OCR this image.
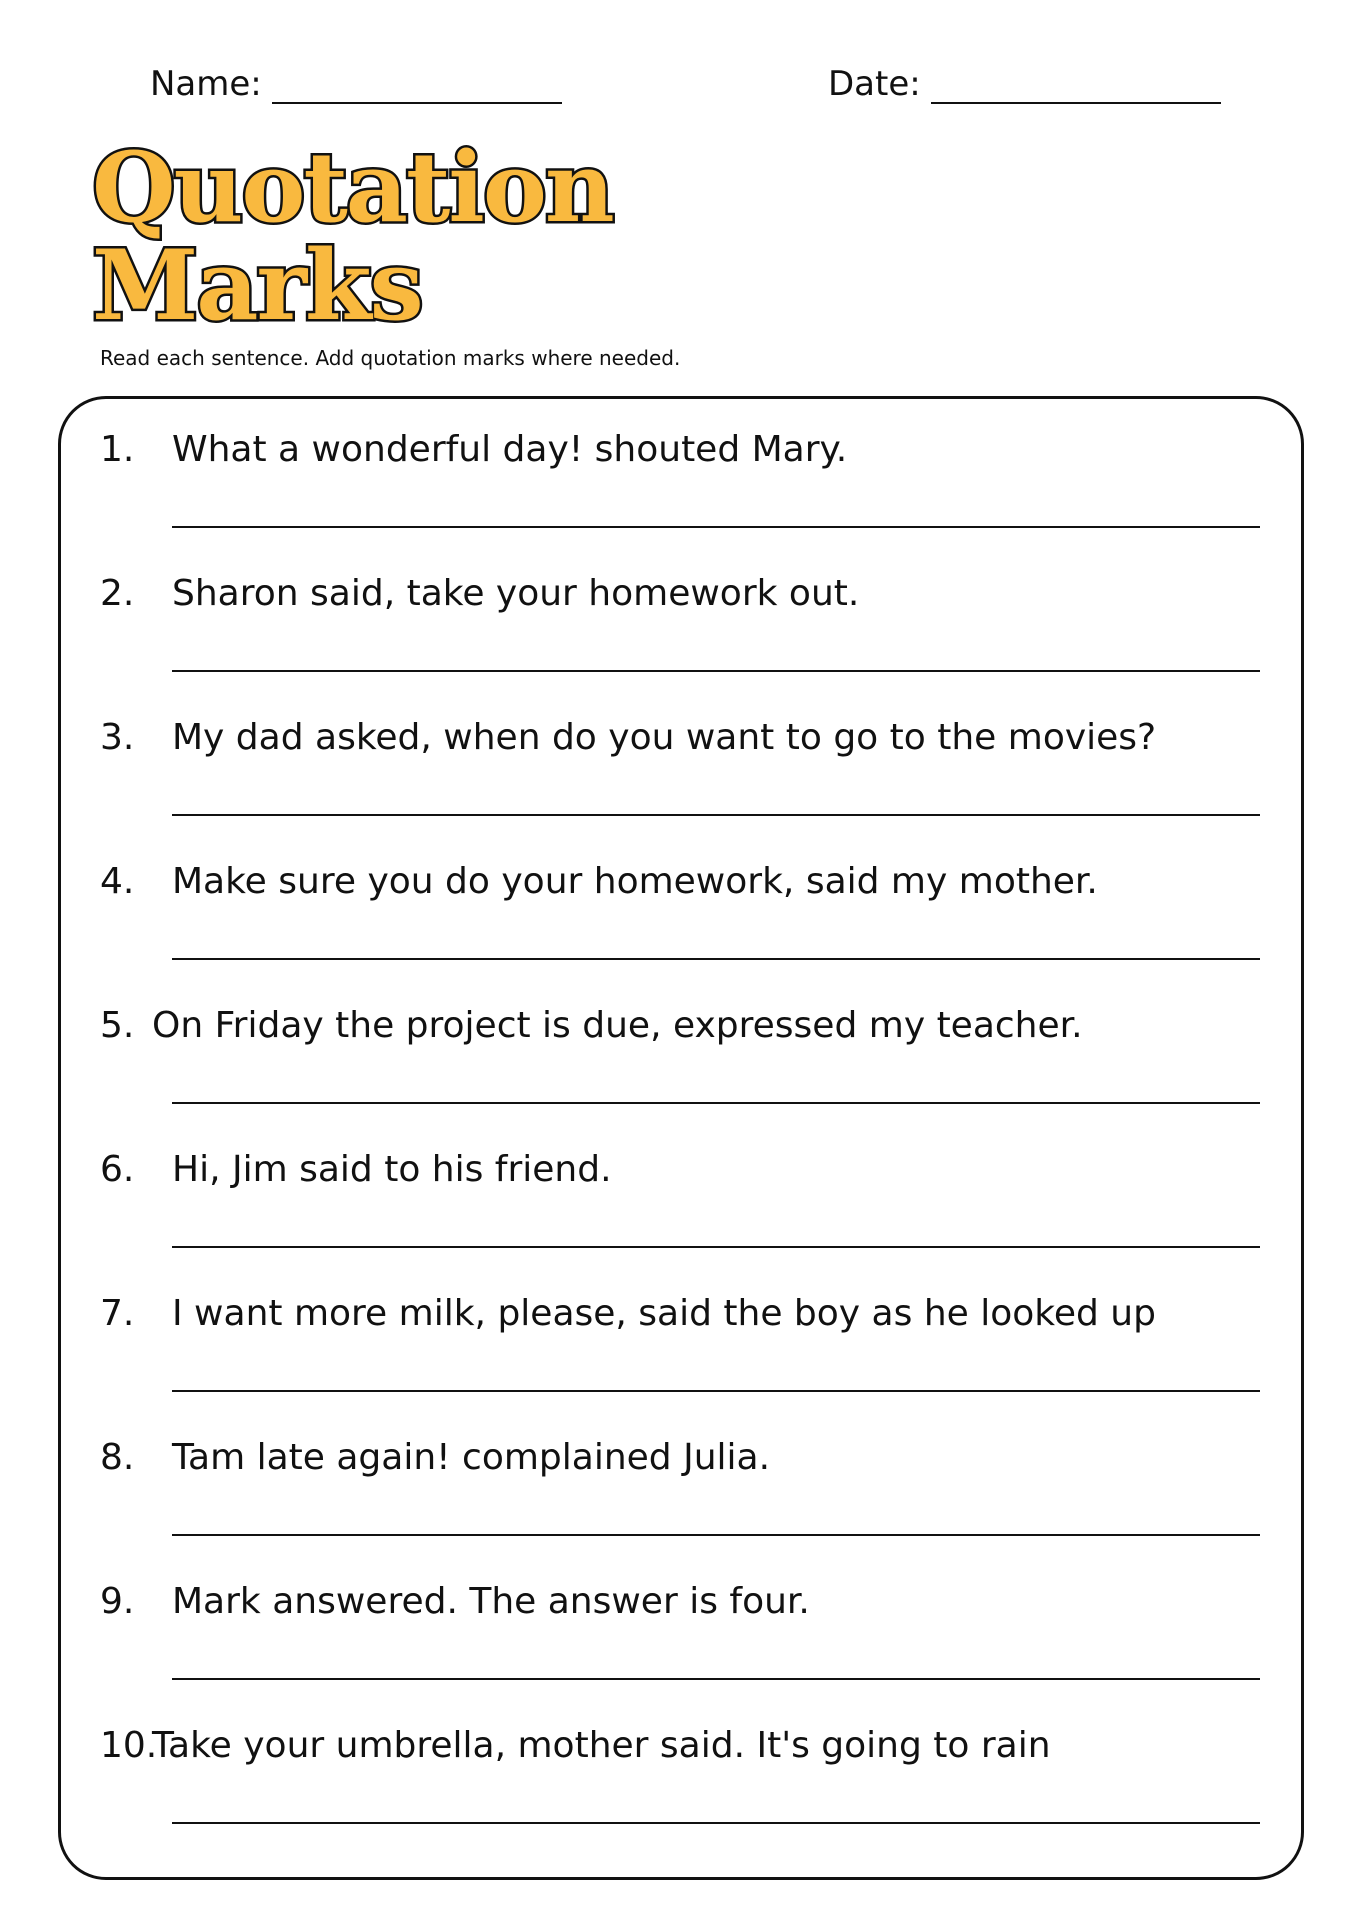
Name:	Date:
Quotation
Marks
Read each sentence. Add quotation marks where needed.
1. What a wonderful day! shouted Mary.
2. Sharon said, take your homework out.
3. My dad asked, when do you want to go to the movies?
4. Make sure you do your homework, said my mother.
5. On Friday the project is due, expressed my teacher.
6. Hi, Jim said to his friend.
7. I want more milk, please, said the boy as he looked up
8. Tam late again! complained Julia.
9. Mark answered. The answer is four.
10.
Take your umbrella, mother said. It's going to rain
